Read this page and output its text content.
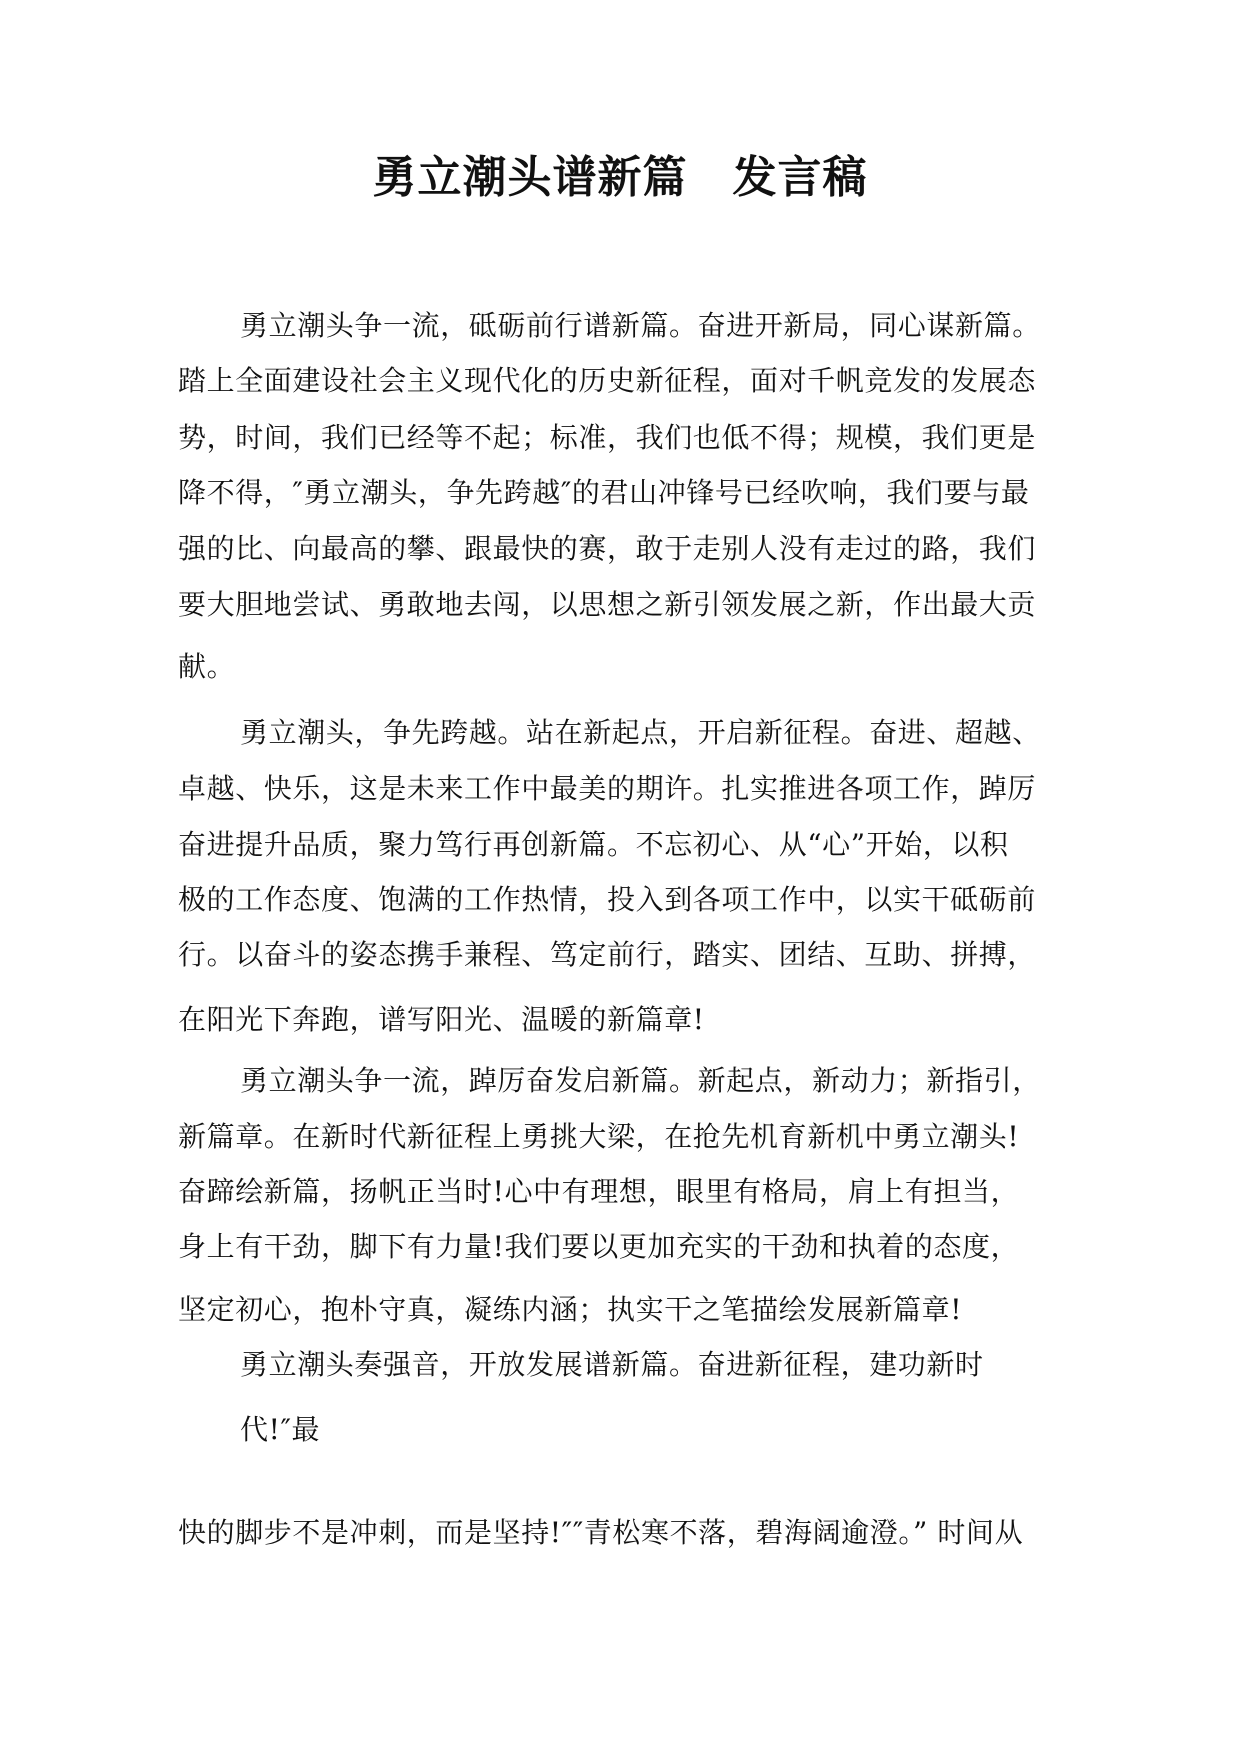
勇立潮头谱新篇　发言稿
勇立潮头争一流，砥砺前行谱新篇。奋进开新局，同心谋新篇。
踏上全面建设社会主义现代化的历史新征程，面对千帆竞发的发展态
势，时间，我们已经等不起；标准，我们也低不得；规模，我们更是
降不得，″勇立潮头，争先跨越″的君山冲锋号已经吹响，我们要与最
强的比、向最高的攀、跟最快的赛，敢于走别人没有走过的路，我们
要大胆地尝试、勇敢地去闯，以思想之新引领发展之新，作出最大贡
献。
勇立潮头，争先跨越。站在新起点，开启新征程。奋进、超越、
卓越、快乐，这是未来工作中最美的期许。扎实推进各项工作，踔厉
奋进提升品质，聚力笃行再创新篇。不忘初心、从“心”开始，以积
极的工作态度、饱满的工作热情，投入到各项工作中，以实干砥砺前
行。以奋斗的姿态携手兼程、笃定前行，踏实、团结、互助、拼搏，
在阳光下奔跑，谱写阳光、温暖的新篇章!
勇立潮头争一流，踔厉奋发启新篇。新起点，新动力；新指引，
新篇章。在新时代新征程上勇挑大梁，在抢先机育新机中勇立潮头!
奋蹄绘新篇，扬帆正当时!心中有理想，眼里有格局，肩上有担当，
身上有干劲，脚下有力量!我们要以更加充实的干劲和执着的态度，
坚定初心，抱朴守真，凝练内涵；执实干之笔描绘发展新篇章!
勇立潮头奏强音，开放发展谱新篇。奋进新征程，建功新时
代!″最
快的脚步不是冲刺，而是坚持!″″青松寒不落，碧海阔逾澄。” 时间从
